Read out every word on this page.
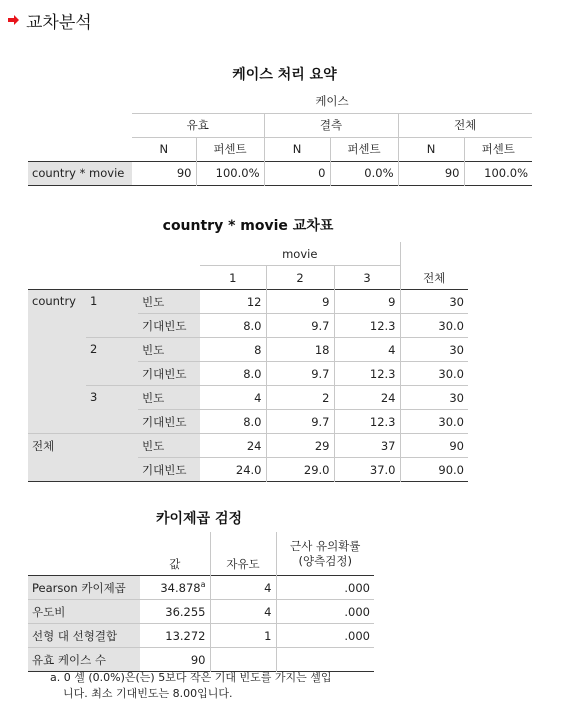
교차분석
케이스 처리 요약
	케이스					
	유효		결측		전체	
	N	퍼센트	N	퍼센트	N	퍼센트
country * movie	90	100.0%	0	0.0%	90	100.0%
country * movie 교차표
			movie			전체
			1	2	3	
country	1	빈도	12	9	9	30
		기대빈도	8.0	9.7	12.3	30.0
	2	빈도	8	18	4	30
		기대빈도	8.0	9.7	12.3	30.0
	3	빈도	4	2	24	30
		기대빈도	8.0	9.7	12.3	30.0
전체		빈도	24	29	37	90
		기대빈도	24.0	29.0	37.0	90.0
카이제곱 검정
	값	자유도	근사 유의확률
(양측검정)

Pearson 카이제곱	34.878$^a$	4	.000
우도비	36.255	4	.000
선형 대 선형결합	13.272	1	.000
유효 케이스 수	90		
a. 0 셀 (0.0%)은(는) 5보다 작은 기대 빈도를 가지는 셀입
니다. 최소 기대빈도는 8.00입니다.
